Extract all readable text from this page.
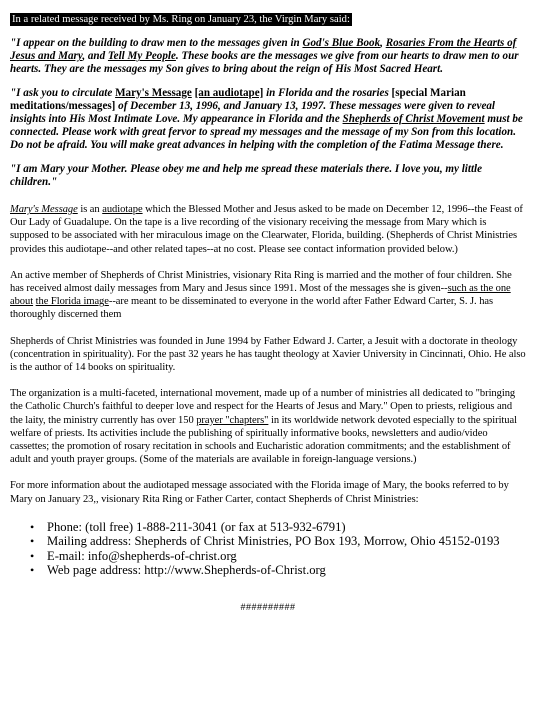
In a related message received by Ms. Ring on January 23, the Virgin Mary said:

"I appear on the building to draw men to the messages given in God's Blue Book, Rosaries From the Hearts of Jesus and Mary, and Tell My People. These books are the messages we give from our hearts to draw men to our hearts. They are the messages my Son gives to bring about the reign of His Most Sacred Heart.

"I ask you to circulate Mary's Message [an audiotape] in Florida and the rosaries [special Marian meditations/messages] of December 13, 1996, and January 13, 1997. These messages were given to reveal insights into His Most Intimate Love. My appearance in Florida and the Shepherds of Christ Movement must be connected. Please work with great fervor to spread my messages and the message of my Son from this location. Do not be afraid. You will make great advances in helping with the completion of the Fatima Message there.

"I am Mary your Mother. Please obey me and help me spread these materials there. I love you, my little children."

Mary's Message is an audiotape which the Blessed Mother and Jesus asked to be made on December 12, 1996--the Feast of Our Lady of Guadalupe. On the tape is a live recording of the visionary receiving the message from Mary which is supposed to be associated with her miraculous image on the Clearwater, Florida, building. (Shepherds of Christ Ministries provides this audiotape--and other related tapes--at no cost. Please see contact information provided below.)

An active member of Shepherds of Christ Ministries, visionary Rita Ring is married and the mother of four children. She has received almost daily messages from Mary and Jesus since 1991. Most of the messages she is given--such as the one about the Florida image--are meant to be disseminated to everyone in the world after Father Edward Carter, S. J. has thoroughly discerned them

Shepherds of Christ Ministries was founded in June 1994 by Father Edward J. Carter, a Jesuit with a doctorate in theology (concentration in spirituality). For the past 32 years he has taught theology at Xavier University in Cincinnati, Ohio. He also is the author of 14 books on spirituality.

The organization is a multi-faceted, international movement, made up of a number of ministries all dedicated to "bringing the Catholic Church's faithful to deeper love and respect for the Hearts of Jesus and Mary." Open to priests, religious and the laity, the ministry currently has over 150 prayer "chapters" in its worldwide network devoted especially to the spiritual welfare of priests. Its activities include the publishing of spiritually informative books, newsletters and audio/video cassettes; the promotion of rosary recitation in schools and Eucharistic adoration commitments; and the establishment of adult and youth prayer groups. (Some of the materials are available in foreign-language versions.)

For more information about the audiotaped message associated with the Florida image of Mary, the books referred to by Mary on January 23,, visionary Rita Ring or Father Carter, contact Shepherds of Christ Ministries:

• Phone: (toll free) 1-888-211-3041 (or fax at 513-932-6791)
• Mailing address: Shepherds of Christ Ministries, PO Box 193, Morrow, Ohio 45152-0193
• E-mail: info@shepherds-of-christ.org
• Web page address: http://www.Shepherds-of-Christ.org
##########
